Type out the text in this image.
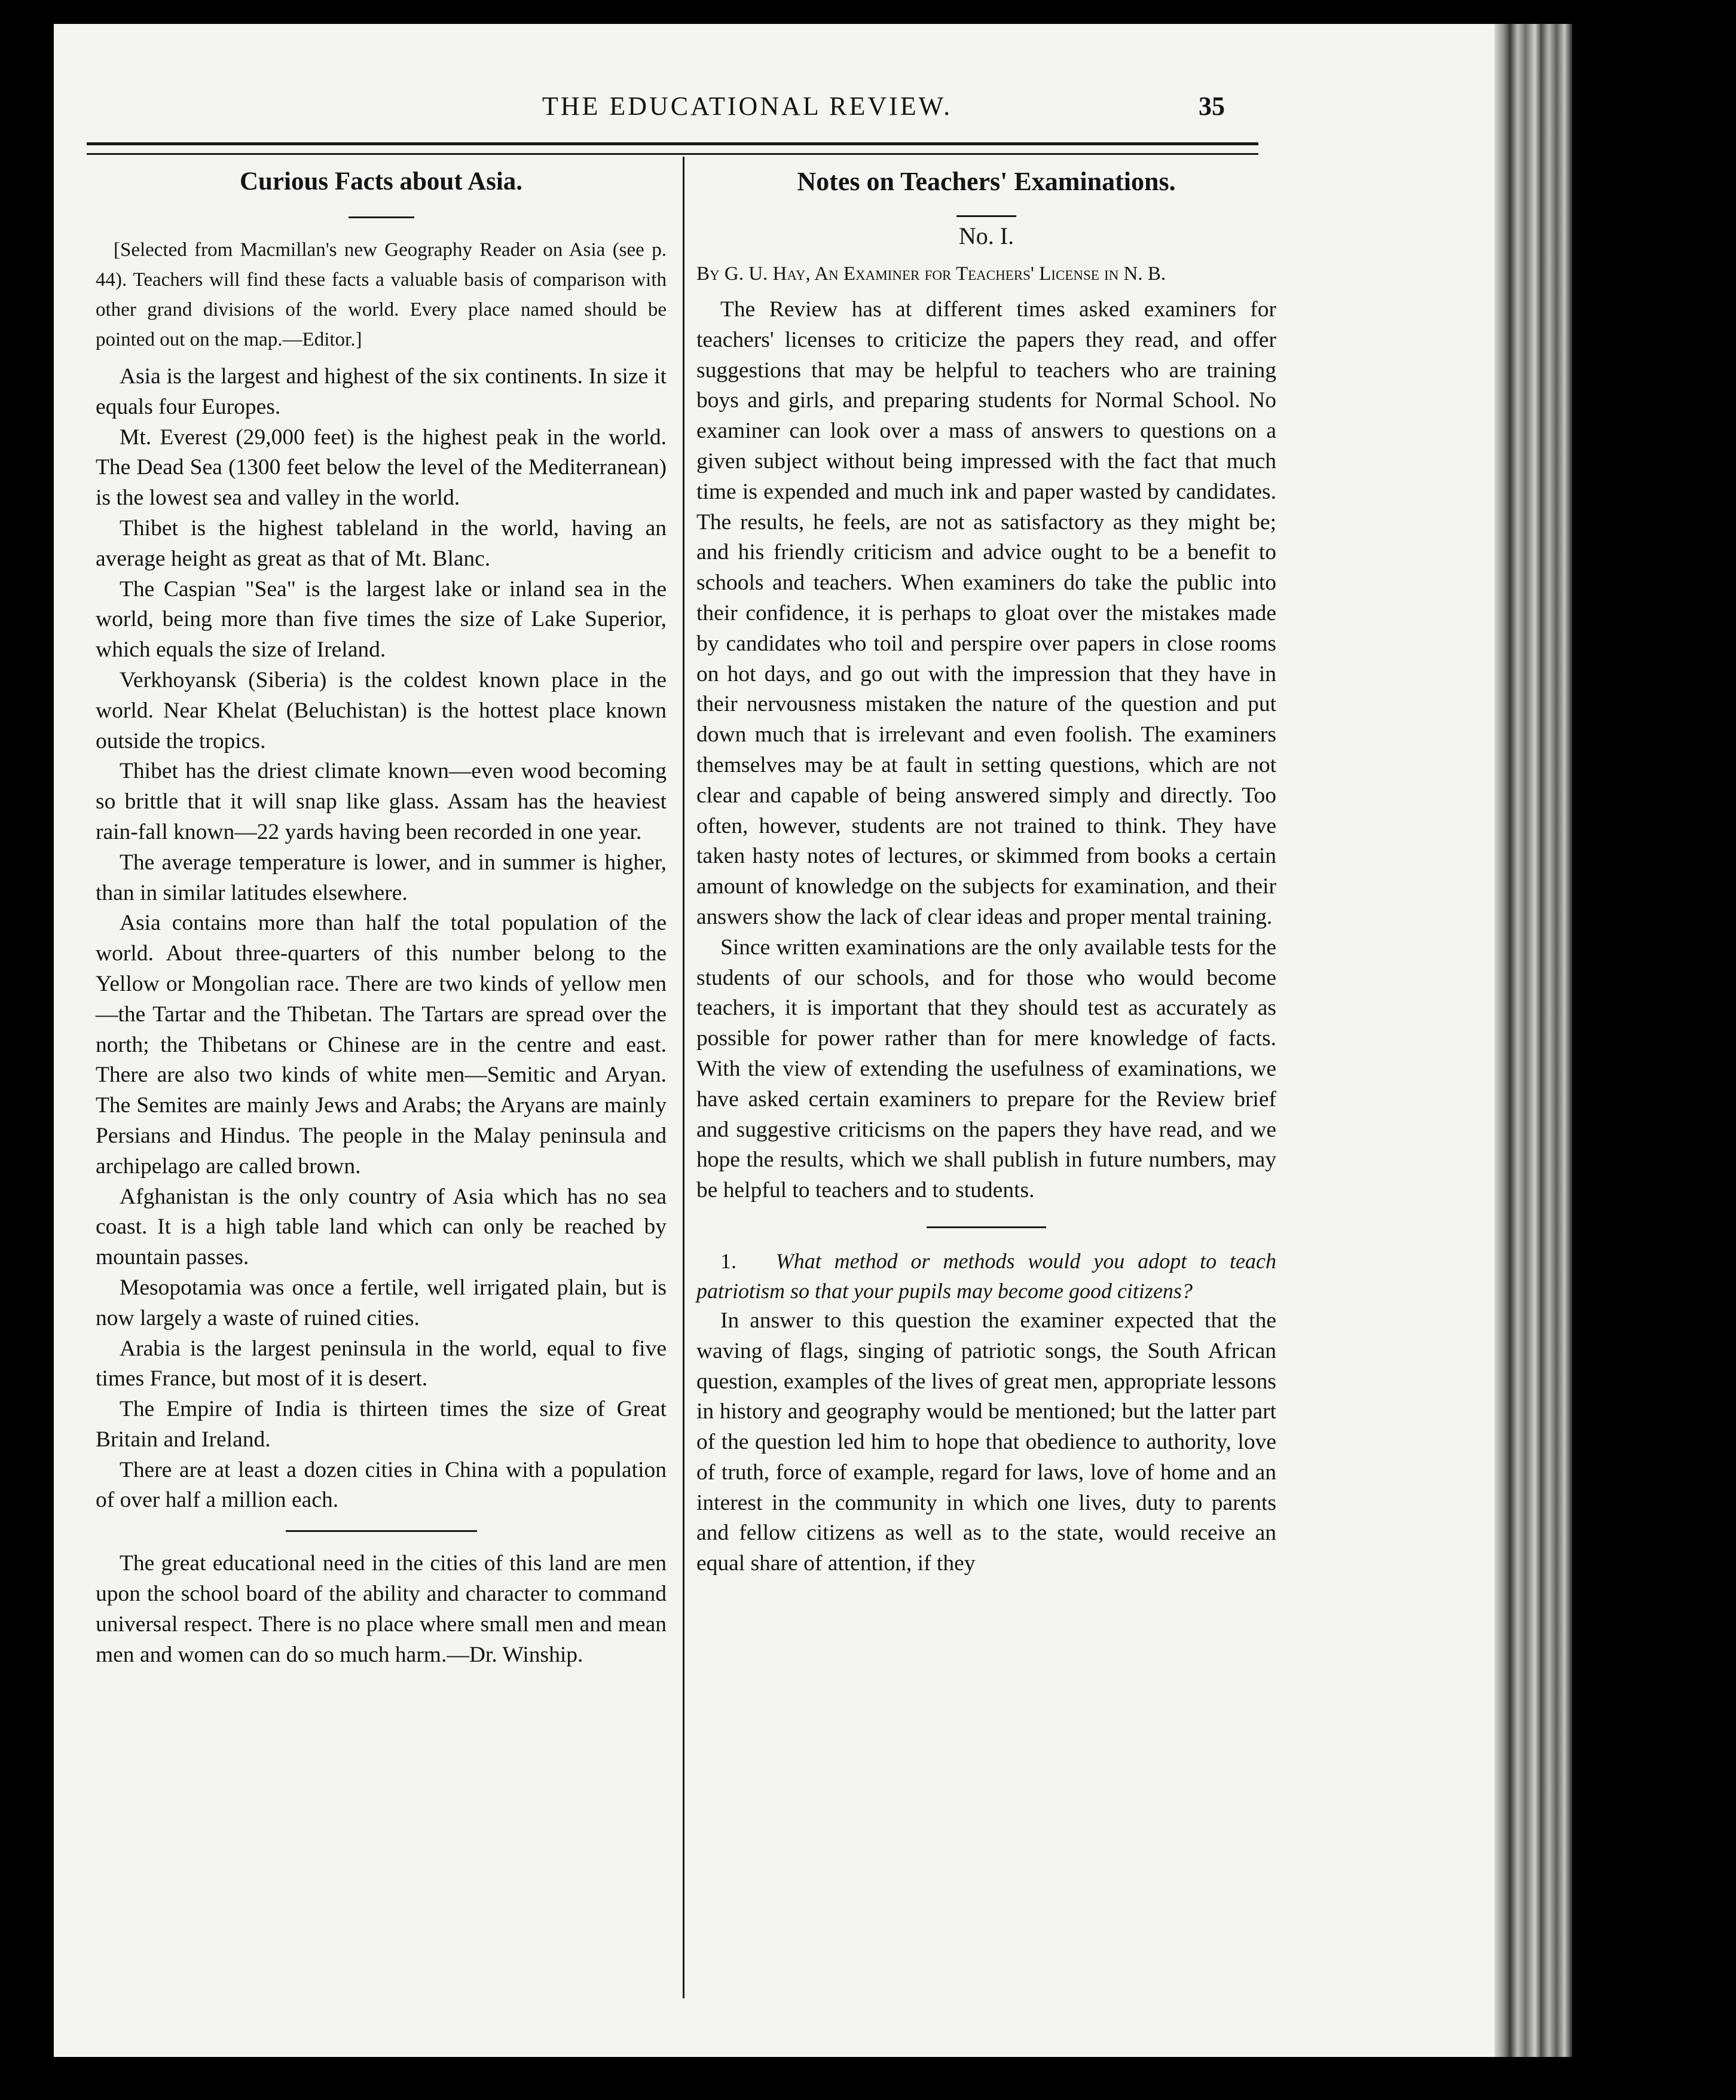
THE EDUCATIONAL REVIEW.	35
Curious Facts about Asia.

[Selected from Macmillan's new Geography Reader on Asia (see p. 44). Teachers will find these facts a valuable basis of comparison with other grand divisions of the world. Every place named should be pointed out on the map.—Editor.]

Asia is the largest and highest of the six continents. In size it equals four Europes.

Mt. Everest (29,000 feet) is the highest peak in the world. The Dead Sea (1300 feet below the level of the Mediterranean) is the lowest sea and valley in the world.

Thibet is the highest tableland in the world, having an average height as great as that of Mt. Blanc.

The Caspian "Sea" is the largest lake or inland sea in the world, being more than five times the size of Lake Superior, which equals the size of Ireland.

Verkhoyansk (Siberia) is the coldest known place in the world. Near Khelat (Beluchistan) is the hottest place known outside the tropics.

Thibet has the driest climate known—even wood becoming so brittle that it will snap like glass. Assam has the heaviest rain-fall known—22 yards having been recorded in one year.

The average temperature is lower, and in summer is higher, than in similar latitudes elsewhere.

Asia contains more than half the total population of the world. About three-quarters of this number belong to the Yellow or Mongolian race. There are two kinds of yellow men—the Tartar and the Thibetan. The Tartars are spread over the north; the Thibetans or Chinese are in the centre and east. There are also two kinds of white men—Semitic and Aryan. The Semites are mainly Jews and Arabs; the Aryans are mainly Persians and Hindus. The people in the Malay peninsula and archipelago are called brown.

Afghanistan is the only country of Asia which has no sea coast. It is a high table land which can only be reached by mountain passes.

Mesopotamia was once a fertile, well irrigated plain, but is now largely a waste of ruined cities.

Arabia is the largest peninsula in the world, equal to five times France, but most of it is desert.

The Empire of India is thirteen times the size of Great Britain and Ireland.

There are at least a dozen cities in China with a population of over half a million each.

The great educational need in the cities of this land are men upon the school board of the ability and character to command universal respect. There is no place where small men and mean men and women can do so much harm.—Dr. Winship.

Notes on Teachers' Examinations.

No. I.

By G. U. Hay, An Examiner for Teachers' License in N. B.

The Review has at different times asked examiners for teachers' licenses to criticize the papers they read, and offer suggestions that may be helpful to teachers who are training boys and girls, and preparing students for Normal School. No examiner can look over a mass of answers to questions on a given subject without being impressed with the fact that much time is expended and much ink and paper wasted by candidates. The results, he feels, are not as satisfactory as they might be; and his friendly criticism and advice ought to be a benefit to schools and teachers. When examiners do take the public into their confidence, it is perhaps to gloat over the mistakes made by candidates who toil and perspire over papers in close rooms on hot days, and go out with the impression that they have in their nervousness mistaken the nature of the question and put down much that is irrelevant and even foolish. The examiners themselves may be at fault in setting questions, which are not clear and capable of being answered simply and directly. Too often, however, students are not trained to think. They have taken hasty notes of lectures, or skimmed from books a certain amount of knowledge on the subjects for examination, and their answers show the lack of clear ideas and proper mental training.

Since written examinations are the only available tests for the students of our schools, and for those who would become teachers, it is important that they should test as accurately as possible for power rather than for mere knowledge of facts. With the view of extending the usefulness of examinations, we have asked certain examiners to prepare for the Review brief and suggestive criticisms on the papers they have read, and we hope the results, which we shall publish in future numbers, may be helpful to teachers and to students.

1. What method or methods would you adopt to teach patriotism so that your pupils may become good citizens?

In answer to this question the examiner expected that the waving of flags, singing of patriotic songs, the South African question, examples of the lives of great men, appropriate lessons in history and geography would be mentioned; but the latter part of the question led him to hope that obedience to authority, love of truth, force of example, regard for laws, love of home and an interest in the community in which one lives, duty to parents and fellow citizens as well as to the state, would receive an equal share of attention, if they
